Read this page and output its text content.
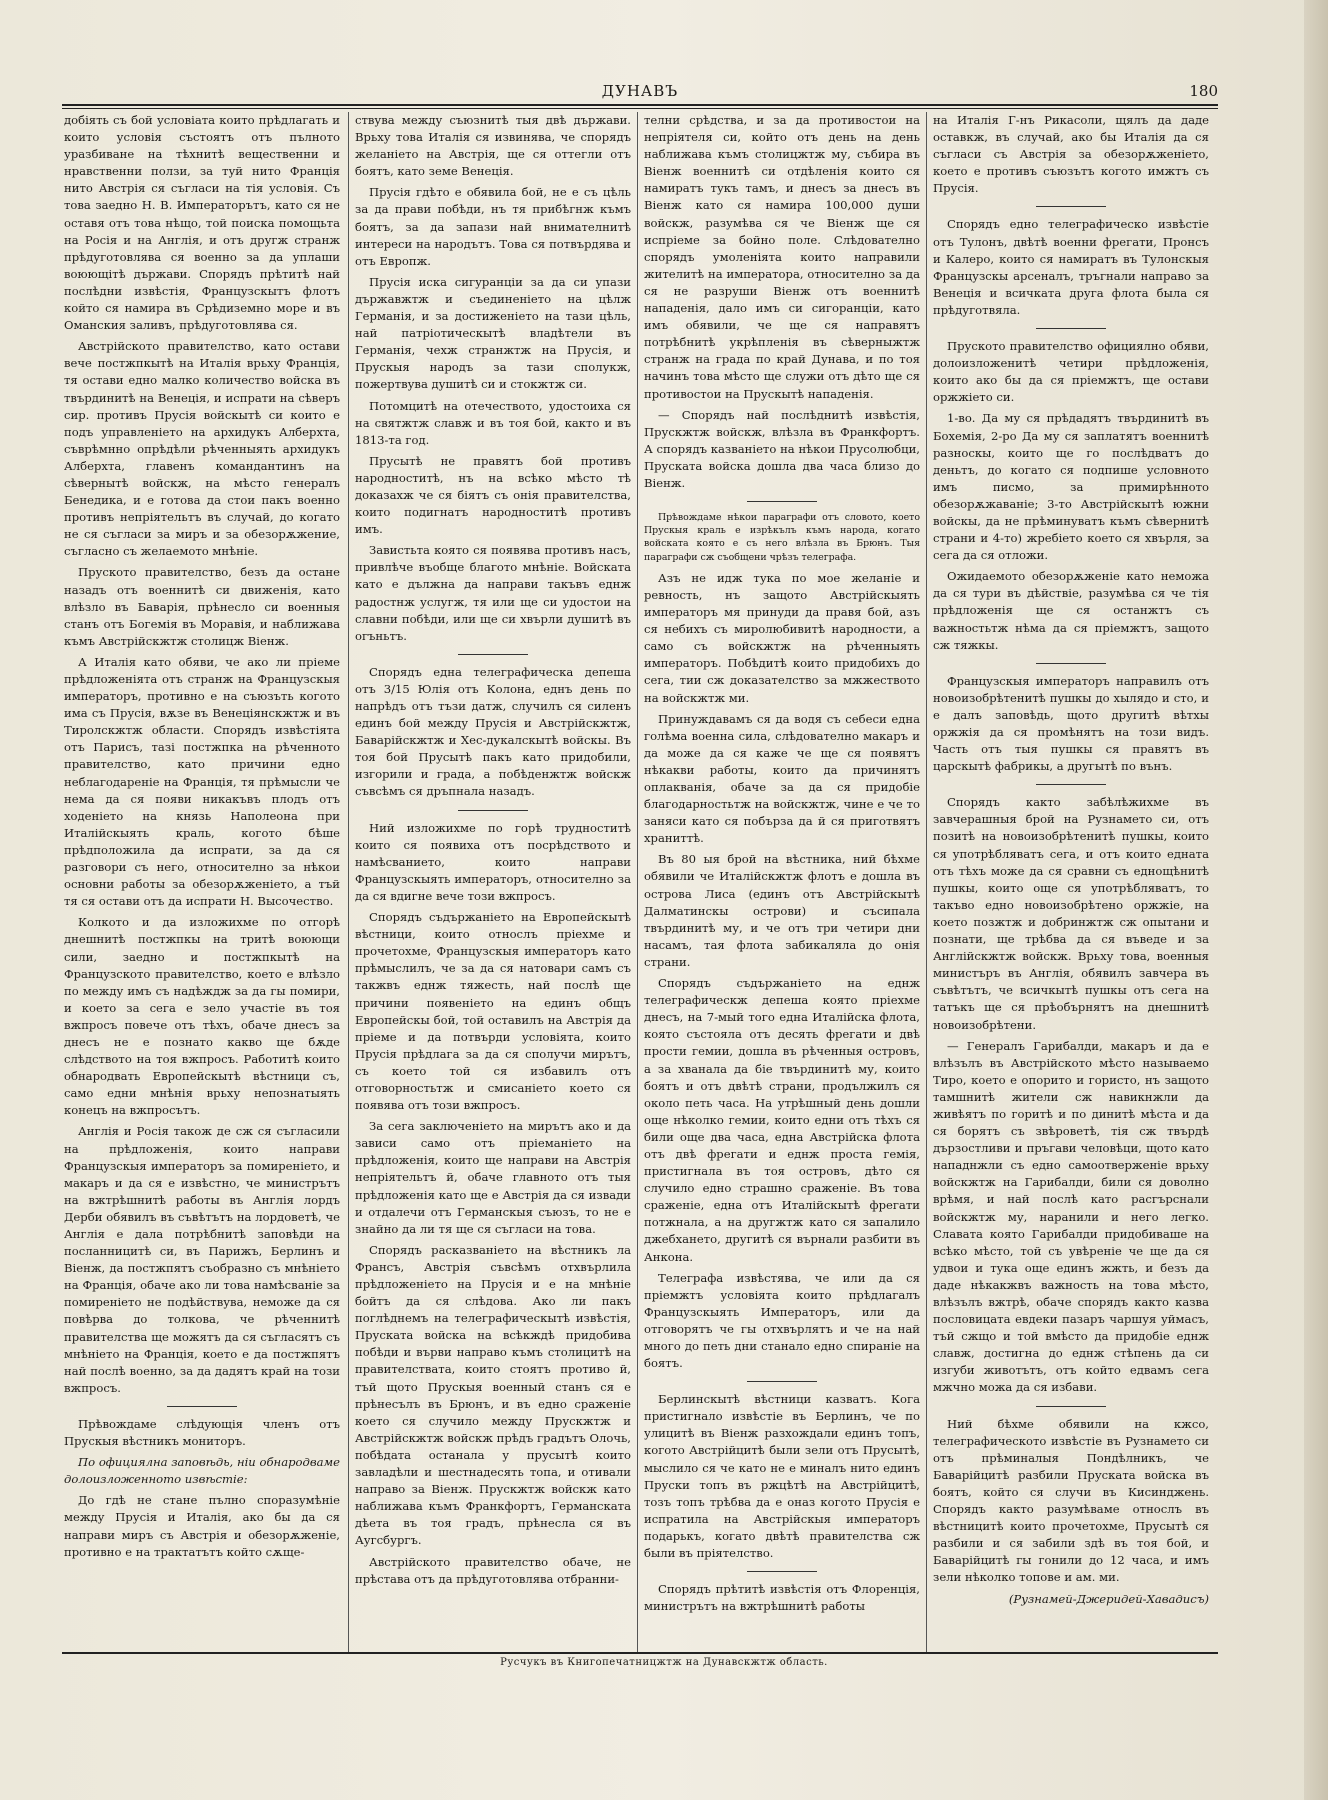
ДУНАВЪ	180

добіять съ бой условіата които прѣдлагать и които условія състоятъ отъ пълното уразбиване на тѣхнитѣ вещественни и нравственни ползи, за туй нито Франція нито Австрія ся съгласи на тія условія. Съ това заедно Н. В. Императорътъ, като ся не оставя отъ това нѣщо, той поиска помощьта на Росія и на Англія, и отъ другж странж прѣдуготовлява ся военно за да уплаши воюющітѣ държави. Спорядъ прѣтитѣ най послѣдни извѣстія, Французскытъ флотъ който ся намира въ Срѣдиземно море и въ Оманския заливъ, прѣдуготовлява ся.

Австрійското правителство, като остави вече постжпкытѣ на Италія врьху Франція, тя остави едно малко количество войска въ твърдинитѣ на Венеція, и испрати на сѣверъ сир. противъ Прусія войскытѣ си които е подъ управленіето на архидукъ Алберхта, съврѣмнно опрѣдѣли рѣченныять архидукъ Алберхта, главенъ командантинъ на сѣвернытѣ войскж, на мѣсто генералъ Бенедика, и е готова да стои пакъ военно противъ непріятельтъ въ случай, до когато не ся съгласи за миръ и за обезорѫжение, съгласно съ желаемото мнѣніе.

Пруското правителство, безъ да остане назадъ отъ военнитѣ си движенія, като влѣзло въ Баварія, прѣнесло си военныя станъ отъ Богемія въ Моравія, и наближава къмъ Австрійскжтж столицж Віенж.

А Италія като обяви, че ако ли пріеме прѣдложеніята отъ странж на Французскыя императоръ, противно е на съюзъть когото има съ Прусія, вѫзе въ Венеціянскжтж и въ Тиролскжтж области. Спорядъ извѣстіята отъ Парисъ, тазі постжпка на рѣченното правителство, като причини едно неблагодареніе на Франція, тя прѣмысли че нема да ся появи никакъвъ плодъ отъ ходеніето на князь Наполеона при Италійскыять краль, когото бѣше прѣдположила да испрати, за да ся разговори съ него, относително за нѣкои основни работы за обезорѫженіето, а тъй тя ся остави отъ да испрати Н. Высочество.

Колкото и да изложихме по отгорѣ днешнитѣ постжпкы на тритѣ воюющи сили, заедно и постжпкытѣ на Французското правителство, което е влѣзло по между имъ съ надѣждж за да гы помири, и което за сега е зело участіе въ тоя вжпросъ повече отъ тѣхъ, обаче днесъ за днесъ не е познато какво ще бѫде слѣдството на тоя вжпросъ. Работитѣ които обнародвать Европейскытѣ вѣстници съ, само едни мнѣнія врьху непознатыять конецъ на вжпросътъ.

Англія и Росія також де сж ся съгласили на прѣдложенія, които направи Французскыя императоръ за помиреніето, и макаръ и да ся е извѣстно, че министрътъ на вжтрѣшнитѣ работы въ Англія лордъ Дерби обявилъ въ съвѣтътъ на лордоветѣ, че Англія е дала потрѣбнитѣ заповѣди на посланницитѣ си, въ Парижъ, Берлинъ и Віенж, да постжпятъ съобразно съ мнѣніето на Франція, обаче ако ли това намѣсваніе за помиреніето не подѣйствува, неможе да ся повѣрва до толкова, че рѣченнитѣ правителства ще можятъ да ся съгласятъ съ мнѣніето на Франція, което е да постжпятъ най послѣ военно, за да дадятъ край на този вжпросъ.

Прѣвождаме слѣдующія членъ отъ Прускыя вѣстникъ мониторъ.

По официялна заповѣдь, ніи обнародваме долоизложенното извѣстіе:

До гдѣ не стане пълно споразумѣніе между Прусія и Италія, ако бы да ся направи миръ съ Австрія и обезорѫженіе, противно е на трактатътъ който сѫще-

ствува между съюзнитѣ тыя двѣ държави. Врьху това Италія ся извинява, че спорядъ желаніето на Австрія, ще ся оттегли отъ боятъ, като земе Венеція.

Прусія гдѣто е обявила бой, не е съ цѣль за да прави побѣди, нъ тя прибѣгнж къмъ боятъ, за да запази най внимателнитѣ интереси на народътъ. Това ся потвърдява и отъ Европж.

Прусія иска сигуранціи за да си упази държавжтж и съединеніето на цѣлж Германія, и за достиженіето на тази цѣль, най патріотическытѣ владѣтели въ Германія, чехж странжтж на Прусія, и Прускыя народъ за тази сполукж, пожертвува душитѣ си и стокжтж си.

Потомцитѣ на отечеството, удостоиха ся на святжтж славж и въ тоя бой, както и въ 1813-та год.

Прусытѣ не правятъ бой противъ народноститѣ, нъ на всѣко мѣсто тѣ доказахж че ся біятъ съ онія правителства, които подигнатъ народноститѣ противъ имъ.

Завистьта която ся появява противъ насъ, привлѣче въобще благото мнѣніе. Войската като е дължна да направи такъвъ еднж радостнж услугж, тя или ще си удостои на славни побѣди, или ще си хвърли душитѣ въ огъньтъ.

Спорядъ една телеграфическа депеша отъ 3/15 Юлія отъ Колона, еднъ день по напрѣдъ отъ тъзи датж, случилъ ся силенъ единъ бой между Прусія и Австрійскжтж, Баварійскжтж и Хес-дукалскытѣ войскы. Въ тоя бой Прусытѣ пакъ като придобили, изгорили и града, а побѣденжтж войскж съвсѣмъ ся дръпнала назадъ.

Ний изложихме по горѣ трудноститѣ които ся появиха отъ посрѣдството и намѣсванието, които направи Французскыять императоръ, относително за да ся вдигне вече този вжпросъ.

Спорядъ съдържаніето на Европейскытѣ вѣстници, които относлъ пріехме и прочетохме, Французскыя императоръ като прѣмыслилъ, че за да ся натовари самъ съ такжвъ еднж тяжесть, най послѣ ще причини появеніето на единъ общъ Европейскы бой, той оставилъ на Австрія да пріеме и да потвърди условіята, които Прусія прѣдлага за да ся сполучи мирътъ, съ което той ся избавилъ отъ отговорностьтж и смисаніето което ся появява отъ този вжпросъ.

За сега заключеніето на мирътъ ако и да зависи само отъ пріеманіето на прѣдложенія, които ще направи на Австрія непріятельтъ й, обаче главното отъ тыя прѣдложенія като ще е Австрія да ся извади и отдалечи отъ Германскыя съюзъ, то не е знайно да ли тя ще ся съгласи на това.

Спорядъ расказваніето на вѣстникъ ла Франсъ, Австрія съвсѣмъ отхвърлила прѣдложеніето на Прусія и е на мнѣніе бойтъ да ся слѣдова. Ако ли пакъ поглѣднемъ на телеграфическытѣ извѣстія, Пруската войска на всѣкждѣ придобива побѣди и върви направо къмъ столицитѣ на правителствата, които стоятъ противо й, тъй щото Прускыя военный станъ ся е прѣнесълъ въ Брюнъ, и въ едно сраженіе което ся случило между Прускжтж и Австрійскжтж войскж прѣдъ градътъ Олочь, побѣдата останала у прусытѣ които завладѣли и шестнадесять топа, и отивали направо за Віенж. Прускжтж войскж като наближава къмъ Франкфортъ, Германската дѣета въ тоя градъ, прѣнесла ся въ Аугсбургъ.

Австрійското правителство обаче, не прѣстава отъ да прѣдуготовлява отбранни-

телни срѣдства, и за да противостои на непріятеля си, който отъ день на день наближава къмъ столицжтж му, събира въ Віенж военнитѣ си отдѣленія които ся намиратъ тукъ тамъ, и днесъ за днесъ въ Віенж като ся намира 100,000 души войскж, разумѣва ся че Віенж ще ся испріеме за бойно поле. Слѣдователно спорядъ умоленіята които направили жителитѣ на императора, относително за да ся не разруши Віенж отъ военнитѣ нападенія, дало имъ си сигоранціи, като имъ обявили, че ще ся направятъ потрѣбнитѣ укрѣпленія въ сѣверныжтж странж на града по край Дунава, и по тоя начинъ това мѣсто ще служи отъ дѣто ще ся противостои на Прускытѣ нападенія.

— Спорядъ най послѣднитѣ извѣстія, Прускжтж войскж, влѣзла въ Франкфортъ. А спорядъ казваніето на нѣкои Прусолюбци, Пруската войска дошла два часа близо до Віенж.

Прѣвождаме нѣкои параграфи отъ словото, което Прускыя краль е изрѣкълъ къмъ народа, когато войската която е съ него влѣзла въ Брюнъ. Тыя параграфи сж съобщени чрѣзъ телеграфа.

Азъ не идж тука по мое желаніе и ревность, нъ защото Австрійскыять императоръ мя принуди да правя бой, азъ ся небихъ съ миролюбивитѣ народности, а само съ войскжтж на рѣченныять императоръ. Побѣдитѣ които придобихъ до сега, тии сж доказателство за мжжеството на войскжтж ми.

Принуждавамъ ся да водя съ себеси една голѣма военна сила, слѣдователно макаръ и да може да ся каже че ще ся появятъ нѣкакви работы, които да причинятъ оплакванія, обаче за да ся придобіе благодарностьтж на войскжтж, чине е че то заняси като ся побърза да й ся приготвятъ храниттѣ.

Въ 80 ыя брой на вѣстника, ний бѣхме обявили че Италійскжтж флотъ е дошла въ острова Лиса (единъ отъ Австрійскытѣ Далматинскы острови) и съсипала твърдинитѣ му, и че отъ три четири дни насамъ, тая флота забикаляла до онія страни.

Спорядъ съдържаніето на еднж телеграфическж депеша която пріехме днесъ, на 7-мый того една Италійска флота, която състояла отъ десять фрегати и двѣ прости гемии, дошла въ рѣченныя островъ, а за хванала да біе твърдинитѣ му, които боятъ и отъ двѣтѣ страни, продължилъ ся около петь часа. На утрѣшный день дошли още нѣколко гемии, които едни отъ тѣхъ ся били още два часа, една Австрійска флота отъ двѣ фрегати и еднж проста гемія, пристигнала въ тоя островъ, дѣто ся случило едно страшно сраженіе. Въ това сраженіе, една отъ Италійскытѣ фрегати потжнала, а на другжтж като ся запалило джебхането, другитѣ ся върнали разбити въ Анкона.

Телеграфа извѣстява, че или да ся пріемжтъ условіята които прѣдлагалъ Французскыять Императоръ, или да отговорятъ че гы отхвърлятъ и че на най много до петь дни станало едно спираніе на боятъ.

Берлинскытѣ вѣстници казватъ. Кога пристигнало извѣстіе въ Берлинъ, че по улицитѣ въ Віенж разхождали единъ топъ, когото Австрійцитѣ были зели отъ Прусытѣ, мыслило ся че като не е миналъ нито единъ Пруски топъ въ ржцѣтѣ на Австрійцитѣ, тозъ топъ трѣбва да е оназ когото Прусія е испратила на Австрійскыя императоръ подарькъ, когато двѣтѣ правителства сж были въ пріятелство.

Спорядъ прѣтитѣ извѣстія отъ Флоренція, министрътъ на вжтрѣшнитѣ работы

на Италія Г-нъ Рикасоли, щялъ да даде оставкж, въ случай, ако бы Италія да ся съгласи съ Австрія за обезорѫженіето, което е противъ съюзътъ когото имжтъ съ Прусія.

Спорядъ едно телеграфическо извѣстіе отъ Тулонъ, двѣтѣ военни фрегати, Пронсъ и Калеро, които ся намиратъ въ Тулонскыя Французскы арсеналъ, тръгнали направо за Венеція и всичката друга флота была ся прѣдуготвяла.

Пруското правителство официялно обяви, долоизложенитѣ четири прѣдложенія, които ако бы да ся пріемжтъ, ще остави оржжіето си.

1-во. Да му ся прѣдадятъ твърдинитѣ въ Бохемія, 2-ро Да му ся заплатятъ военнитѣ разноскы, които ще го послѣдватъ до деньтъ, до когато ся подпише условното имъ писмо, за примирѣнното обезорѫжаваніе; 3-то Австрійскытѣ южни войскы, да не прѣминуватъ къмъ сѣвернитѣ страни и 4-то) жребіето което ся хвърля, за сега да ся отложи.

Ожидаемото обезорѫженіе като неможа да ся тури въ дѣйствіе, разумѣва ся че тія прѣдложенія ще ся останжтъ съ важностьтж нѣма да ся пріемжтъ, защото сж тяжкы.

Французскыя императоръ направилъ отъ новоизобрѣтенитѣ пушкы до хылядо и сто, и е далъ заповѣдь, щото другитѣ вѣтхы оржжія да ся промѣнятъ на този видъ. Часть отъ тыя пушкы ся правятъ въ царскытѣ фабрикы, а другытѣ по вънъ.

Спорядъ както забѣлѣжихме въ завчерашныя брой на Рузнамето си, отъ позитѣ на новоизобрѣтенитѣ пушкы, които ся употрѣбляватъ сега, и отъ които едната отъ тѣхъ може да ся сравни съ еднощѣнитѣ пушкы, които още ся употрѣбляватъ, то такъво едно новоизобрѣтено оржжіе, на което позжтж и добринжтж сж опытани и познати, ще трѣбва да ся въведе и за Англійскжтж войскж. Врьху това, военныя министъръ въ Англія, обявилъ завчера въ съвѣтътъ, че всичкытѣ пушкы отъ сега на татъкъ ще ся прѣобърнятъ на днешнитѣ новоизобрѣтени.

— Генералъ Гарибалди, макаръ и да е влѣзълъ въ Австрійското мѣсто называемо Тиро, което е опорито и гористо, нъ защото тамшнитѣ жители сж навикнжли да живѣятъ по горитѣ и по динитѣ мѣста и да ся борятъ съ звѣроветѣ, тія сж твърдѣ дързостливи и пръгави человѣци, щото като нападнжли съ едно самоотверженіе врьху войскжтж на Гарибалди, били ся доволно врѣмя, и най послѣ като расгърснали войскжтж му, наранили и него легко. Славата която Гарибалди придобиваше на всѣко мѣсто, той съ увѣреніе че ще да ся удвои и тука още единъ жжть, и безъ да даде нѣкакжвъ важность на това мѣсто, влѣзълъ вжтрѣ, обаче спорядъ както казва пословицата евдеки пазаръ чаршуя уймасъ, тъй сжщо и той вмѣсто да придобіе еднж славж, достигна до еднж стѣпень да си изгуби животътъ, отъ който едвамъ сега мжчно можа да ся избави.

Ний бѣхме обявили на кжсо, телеграфическото извѣстіе въ Рузнамето си отъ прѣминалыя Пондѣлникъ, че Баварійцитѣ разбили Пруската войска въ боятъ, който ся случи въ Кисинджень. Спорядъ както разумѣваме относлъ въ вѣстницитѣ които прочетохме, Прусытѣ ся разбили и ся забили здѣ въ тоя бой, и Баварійцитѣ гы гонили до 12 часа, и имъ зели нѣколко топове и ам. ми.

(Рузнамей-Джеридей-Хавадисъ)

Русчукъ въ Книгопечатницжтж на Дунавскжтж область.
